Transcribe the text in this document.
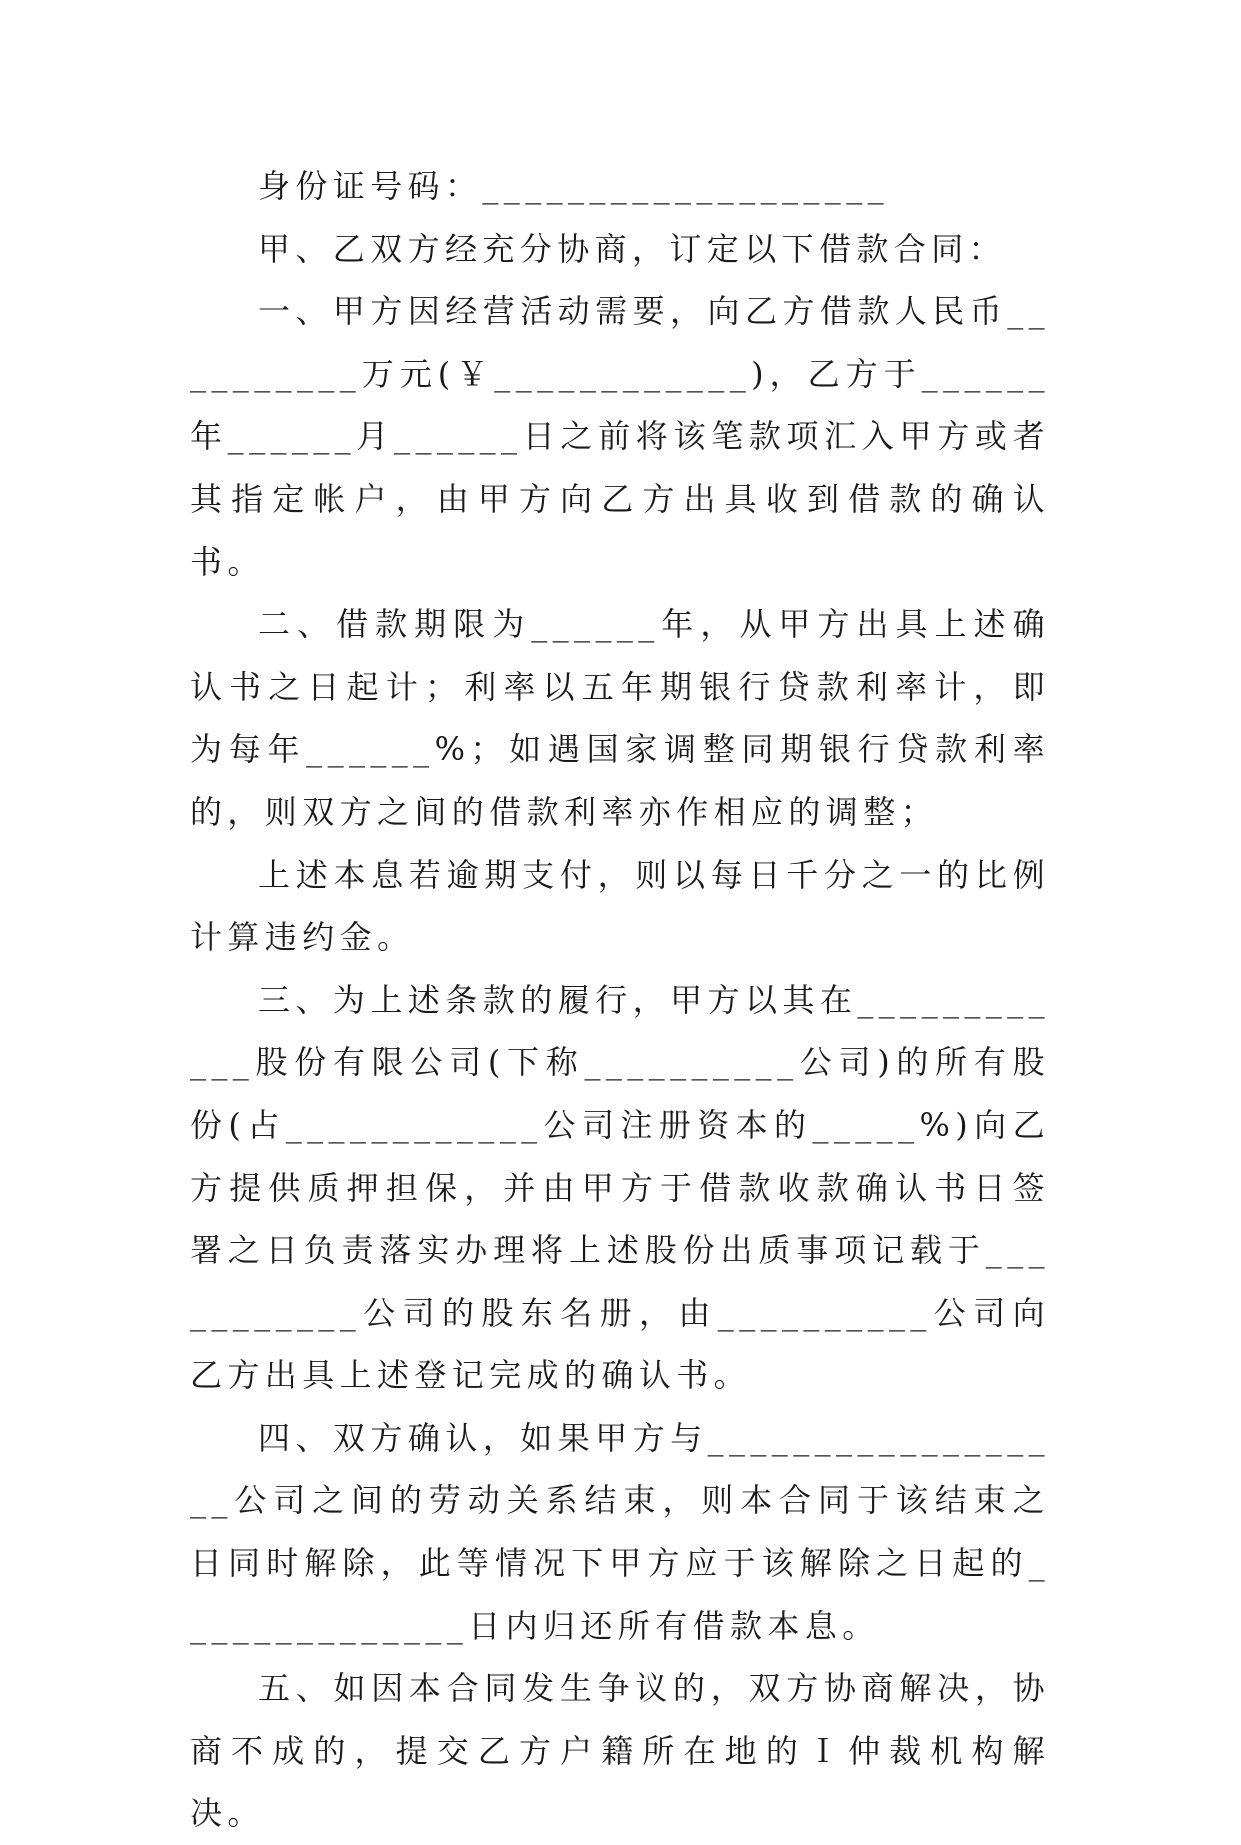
身份证号码：___________________

甲、乙双方经充分协商，订定以下借款合同：

一、甲方因经营活动需要，向乙方借款人民币__________万元(￥____________)，乙方于______年______月______日之前将该笔款项汇入甲方或者其指定帐户，由甲方向乙方出具收到借款的确认书。

二、借款期限为______年，从甲方出具上述确认书之日起计；利率以五年期银行贷款利率计，即为每年______%；如遇国家调整同期银行贷款利率的，则双方之间的借款利率亦作相应的调整；

上述本息若逾期支付，则以每日千分之一的比例计算违约金。

三、为上述条款的履行，甲方以其在____________股份有限公司(下称__________公司)的所有股份(占____________公司注册资本的_____%)向乙方提供质押担保，并由甲方于借款收款确认书日签署之日负责落实办理将上述股份出质事项记载于___________公司的股东名册，由__________公司向乙方出具上述登记完成的确认书。

四、双方确认，如果甲方与__________________公司之间的劳动关系结束，则本合同于该结束之日同时解除，此等情况下甲方应于该解除之日起的______________日内归还所有借款本息。

五、如因本合同发生争议的，双方协商解决，协商不成的，提交乙方户籍所在地的Ｉ仲裁机构解决。
